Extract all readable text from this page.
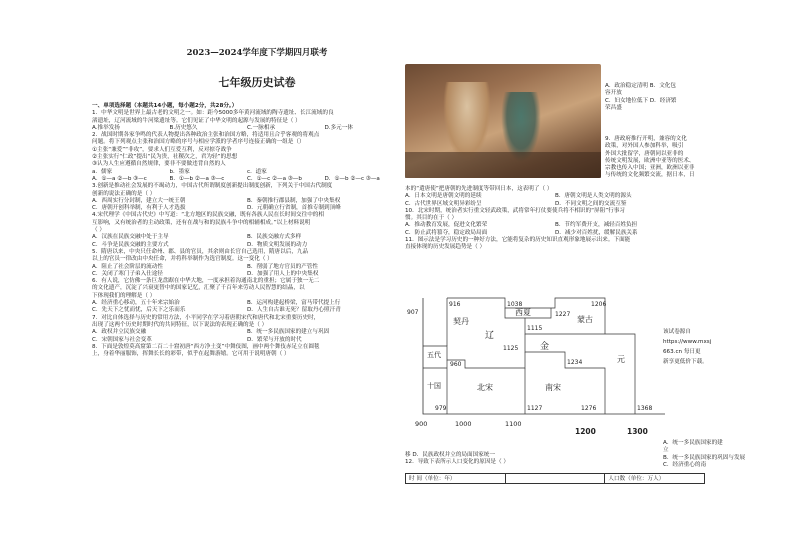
2023—2024学年度下学期四月联考
七年级历史试卷
一、单项选择题（本题共14小题，每小题2分，共28分。）
1．中华文明是世界上最古老的文明之一。如：距今5000多年黄河流域的陶寺遗址、长江流域的良
渚遗址，辽河流域的牛河梁遗址等。它们见证了中华文明的起源与发展的特征是（ ）
A.推举发扬	B.历史悠久	C.一脉相承	D.多元一体
2．战国时期各家争鸣的代表人物提出各种政治主张和治国方略，将适用且合乎客观的将观点
问题。将下列观点主张和治国方略的序号与相应学派的学者序号连接正确的一组是（）
①主张“兼爱”“非攻”，要求人们互爱互利，反对掠夺战争
②主张实行“仁政”提出“民为贵，社稷次之，君为轻”的思想
③认为人生应遵循自然规律，要非不要做违背自然的人
a．儒家	b．墨家	c．道家
A．①—a ②—b ③—c	B．①—b ②—a ③—c	C．①—c ②—a ③—b	D．①—b ②—c ③—a
3.创新是推动社会发展的不竭动力，中国古代所谓制度创新提出制度创新，下列关于中国古代制度
创新的说法正确的是（ ）
A．西周实行分封制，建立大一统王朝	B．秦朝推行郡县制，加强了中央集权
C．唐朝开创科举制，有利于人才选拔	D．元朝确立行省制，首推专制到顶峰
4.宋代理学《中国古代史》中写道：“北方地区的民族交融，既有各族人民在长时间交往中的相
互影响，又有统治者的主动政策，还有在战与和的民族斗争中的相辅相成。”以上材料说明
（ ）
A．汉族在民族交融中处于主导	B．民族交融方式多样
C．斗争是民族交融的主要方式	D．物质文明发展的动力
5．隋唐以来，中央只任命州、郡、县的官员，其余则由长官自己选用，隋唐以后，九品
以上的官员一律改由中央任命，并将科举制作为选官制度。这一变化（ ）
A．阻止了社会阶层的流动性	B．削弱了地方官员的产管性
C．关闭了寒门子弟入仕途径	D．加强了用人上的中央集权
6．有人说，它仿佛一条巨龙盘踞在中华大地，一度承担着沟通南北的重担；它属于独一无二
的文化遗产，沉淀了兴衰更替中的国家记忆，汇聚了千百年来劳动人民智慧的结晶，以
下体现我们的理解是（ ）
A．经济重心移动，五十年来宗始治	B．运河构建起桥梁，富马带代提上行
C．先天下之忧而忧，后天下之乐而乐	D．人生自古谁无死？留取丹心照汗青
7．对比自体选择与历史的常用方法，小平同学在学习着唐朝宋代和唐代和北宋重要历史时，
出现了这两个历史时期时代的共同特征，以下说法的表现正确的是（ ）
A．政权并立民族交融	B．统一多民族国家的建立与巩固
C．宋朝国家与社会变革	D．繁荣与开放的时代
8．下面是敦煌莫高窟第二百二十窟初唐“西方净土变”中舞伎图，画中两个舞伎赤足立在圆毯
上，身着华丽服饰，挥舞长长的彩带，似乎在起舞游嬉。它可用于说明唐朝（ ）
A．政治稳定清明 B．文化包
容开放
C．妇女地位低下 D．经济繁
荣昌盛
9．唐政府推行开明，兼容的文化
政策，对外国人参加科举，吸引
外国大批留学，唐朝同以亚非的
传统文明发展，欧洲中亚等的医术、
宗教也传入中国；亚洲，欧洲以亚非
与传统的文化频繁交流，据日本，日
本的“遣唐使”把唐朝的先进制度等带回日本，这表明了（ ）
A．日本文明是唐朝文明的延续	B．唐朝文明是人类文明的源头
C．古代世界区域文明异彩纷呈	D．不同文明之间的交流互鉴
10．北宋时期，统治者实行重文轻武政策，武将常年打仗要使兵将不相识的“屏阻”行事习
惯。其目的在于（ ）
A．推动教育发展，促进文化繁荣	B．节约军费开支，减轻百姓负担
C．防止武将篡夺，稳定政局局面	D．减少对百姓扰，缓解民族关系
11．图示法是学习历史的一种好方法，它能将复杂的历史知识直观形象地展示出来。下面能
直接体现的历史发展趋势是（ ）
契丹
辽
西夏
金
蒙古
元
五代
十国	北宋	南宋
916	1038	1206
1227
907
1115
1125
1234
960
1127	1276	1368
979
900	1000	1100
1200	1300
该试卷源自
https://www.mxsj
663.cn 每日更
新享更低价下载。
A．统一多民族国家的建
立
B．统一多民族国家的巩固与发展
C．经济重心的南
移 D．民族政权并立的局面国家统一
12．导致下表所示人口变化的原因是（ ）
时 间（单位：年）	人口数（单位：万人）
